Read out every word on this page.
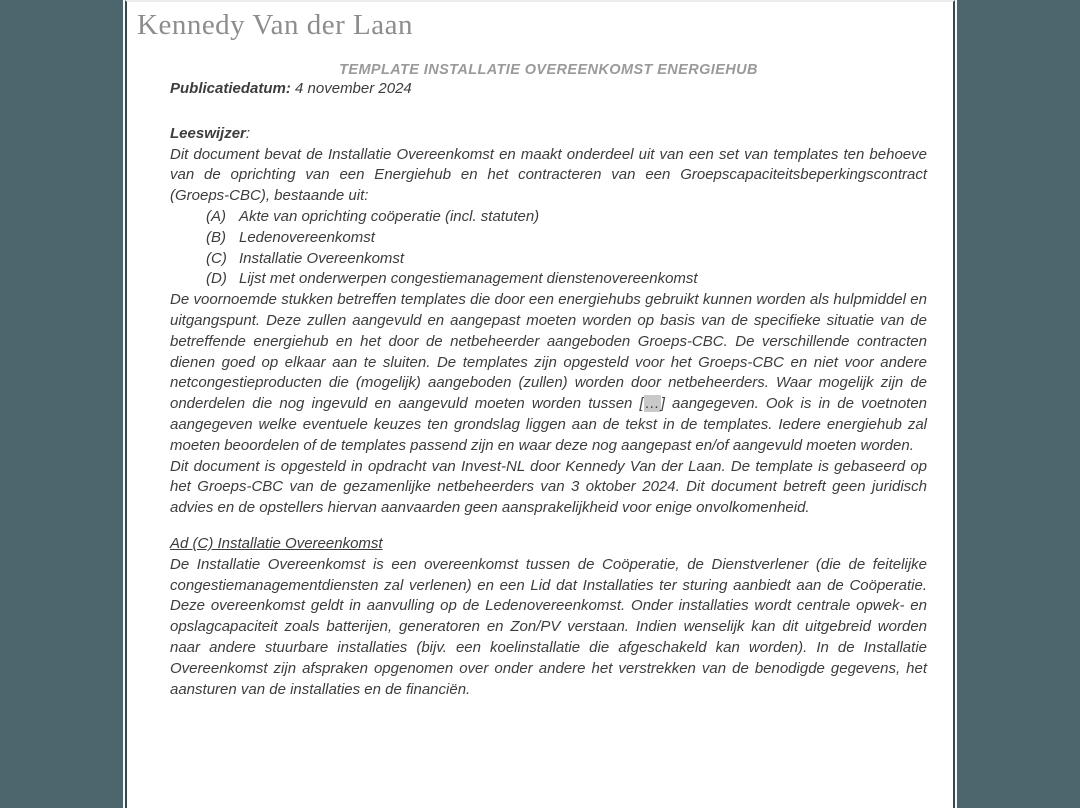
Kennedy Van der Laan
TEMPLATE INSTALLATIE OVEREENKOMST ENERGIEHUB

Publicatiedatum: 4 november 2024

Leeswijzer:

Dit document bevat de Installatie Overeenkomst en maakt onderdeel uit van een set van templates ten behoeve van de oprichting van een Energiehub en het contracteren van een Groepscapaciteitsbeperkingscontract (Groeps-CBC), bestaande uit:

(A) Akte van oprichting coöperatie (incl. statuten)
(B) Ledenovereenkomst
(C) Installatie Overeenkomst
(D) Lijst met onderwerpen congestiemanagement dienstenovereenkomst

De voornoemde stukken betreffen templates die door een energiehubs gebruikt kunnen worden als hulpmiddel en uitgangspunt. Deze zullen aangevuld en aangepast moeten worden op basis van de specifieke situatie van de betreffende energiehub en het door de netbeheerder aangeboden Groeps-CBC. De verschillende contracten dienen goed op elkaar aan te sluiten. De templates zijn opgesteld voor het Groeps-CBC en niet voor andere netcongestieproducten die (mogelijk) aangeboden (zullen) worden door netbeheerders. Waar mogelijk zijn de onderdelen die nog ingevuld en aangevuld moeten worden tussen […] aangegeven. Ook is in de voetnoten aangegeven welke eventuele keuzes ten grondslag liggen aan de tekst in de templates. Iedere energiehub zal moeten beoordelen of de templates passend zijn en waar deze nog aangepast en/of aangevuld moeten worden.

Dit document is opgesteld in opdracht van Invest-NL door Kennedy Van der Laan. De template is gebaseerd op het Groeps-CBC van de gezamenlijke netbeheerders van 3 oktober 2024. Dit document betreft geen juridisch advies en de opstellers hiervan aanvaarden geen aansprakelijkheid voor enige onvolkomenheid.

Ad (C) Installatie Overeenkomst

De Installatie Overeenkomst is een overeenkomst tussen de Coöperatie, de Dienstverlener (die de feitelijke congestiemanagementdiensten zal verlenen) en een Lid dat Installaties ter sturing aanbiedt aan de Coöperatie. Deze overeenkomst geldt in aanvulling op de Ledenovereenkomst. Onder installaties wordt centrale opwek- en opslagcapaciteit zoals batterijen, generatoren en Zon/PV verstaan. Indien wenselijk kan dit uitgebreid worden naar andere stuurbare installaties (bijv. een koelinstallatie die afgeschakeld kan worden). In de Installatie Overeenkomst zijn afspraken opgenomen over onder andere het verstrekken van de benodigde gegevens, het aansturen van de installaties en de financiën.
